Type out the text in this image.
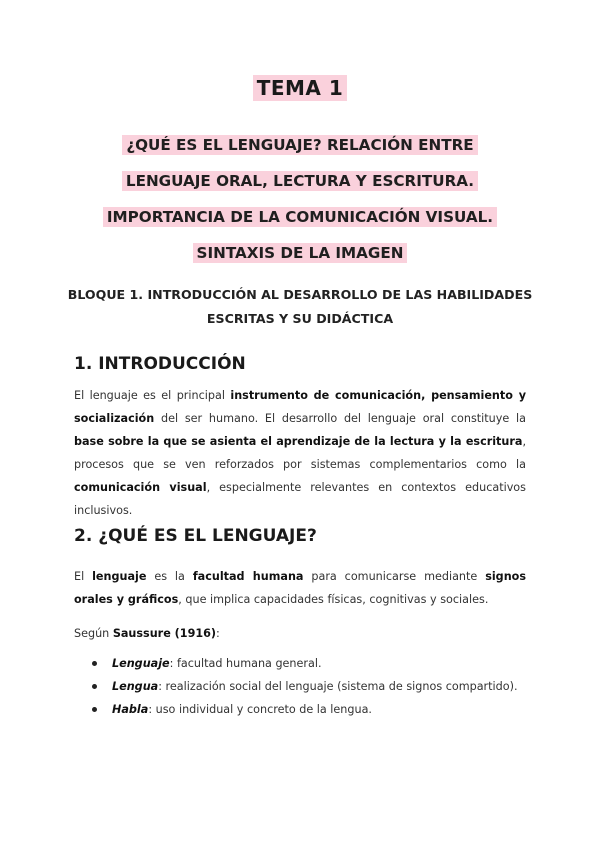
TEMA 1
¿QUÉ ES EL LENGUAJE? RELACIÓN ENTRE
LENGUAJE ORAL, LECTURA Y ESCRITURA.
IMPORTANCIA DE LA COMUNICACIÓN VISUAL.
SINTAXIS DE LA IMAGEN
BLOQUE 1. INTRODUCCIÓN AL DESARROLLO DE LAS HABILIDADES
ESCRITAS Y SU DIDÁCTICA
1. INTRODUCCIÓN

El lenguaje es el principal instrumento de comunicación, pensamiento y socialización del ser humano. El desarrollo del lenguaje oral constituye la base sobre la que se asienta el aprendizaje de la lectura y la escritura, procesos que se ven reforzados por sistemas complementarios como la comunicación visual, especialmente relevantes en contextos educativos inclusivos.

2. ¿QUÉ ES EL LENGUAJE?

El lenguaje es la facultad humana para comunicarse mediante signos orales y gráficos, que implica capacidades físicas, cognitivas y sociales.

Según Saussure (1916):

Lenguaje: facultad humana general.
Lengua: realización social del lenguaje (sistema de signos compartido).
Habla: uso individual y concreto de la lengua.
